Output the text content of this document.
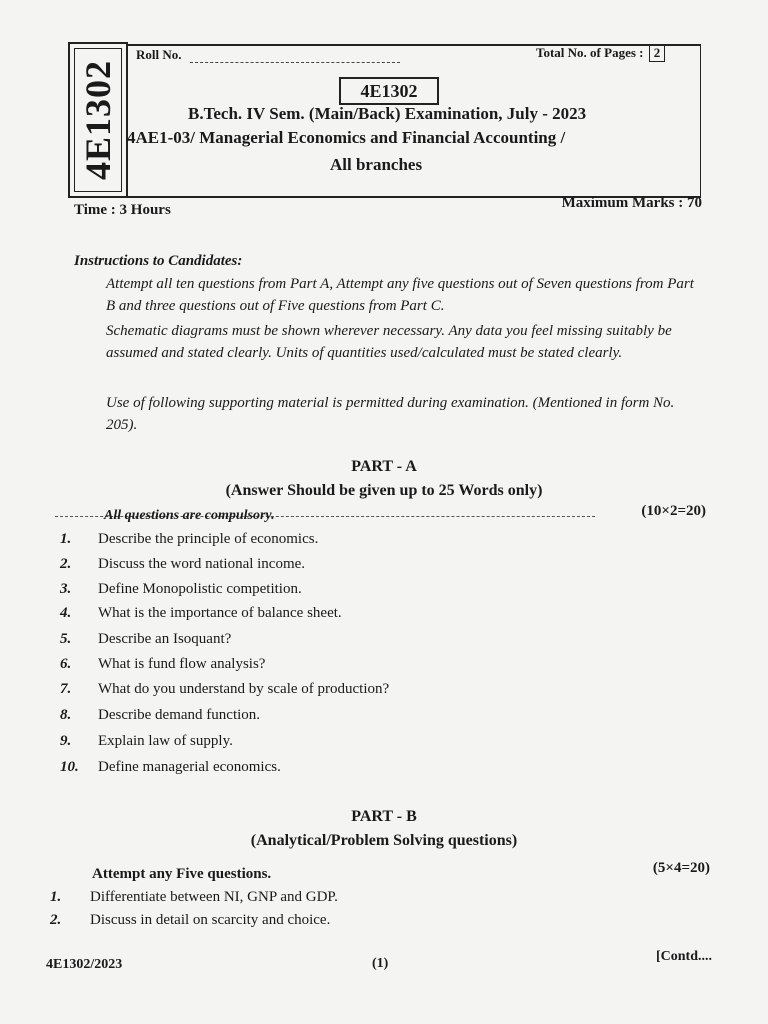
4E1302
Roll No.	Total No. of Pages : 2
4E1302
B.Tech. IV Sem. (Main/Back) Examination, July - 2023
4AE1-03/ Managerial Economics and Financial Accounting /
All branches
Time : 3 Hours	Maximum Marks : 70
Instructions to Candidates:
Attempt all ten questions from Part A, Attempt any five questions out of Seven questions from Part B and three questions out of Five questions from Part C.
Schematic diagrams must be shown wherever necessary. Any data you feel missing suitably be assumed and stated clearly. Units of quantities used/calculated must be stated clearly.
Use of following supporting material is permitted during examination. (Mentioned in form No. 205).
PART - A
(Answer Should be given up to 25 Words only)
All questions are compulsory.	(10×2=20)
1.	Describe the principle of economics.
2.	Discuss the word national income.
3.	Define Monopolistic competition.
4.	What is the importance of balance sheet.
5.	Describe an Isoquant?
6.	What is fund flow analysis?
7.	What do you understand by scale of production?
8.	Describe demand function.
9.	Explain law of supply.
10.	Define managerial economics.
PART - B
(Analytical/Problem Solving questions)
Attempt any Five questions.	(5×4=20)
1.	Differentiate between NI, GNP and GDP.
2.	Discuss in detail on scarcity and choice.
4E1302/2023	(1)	[Contd....
